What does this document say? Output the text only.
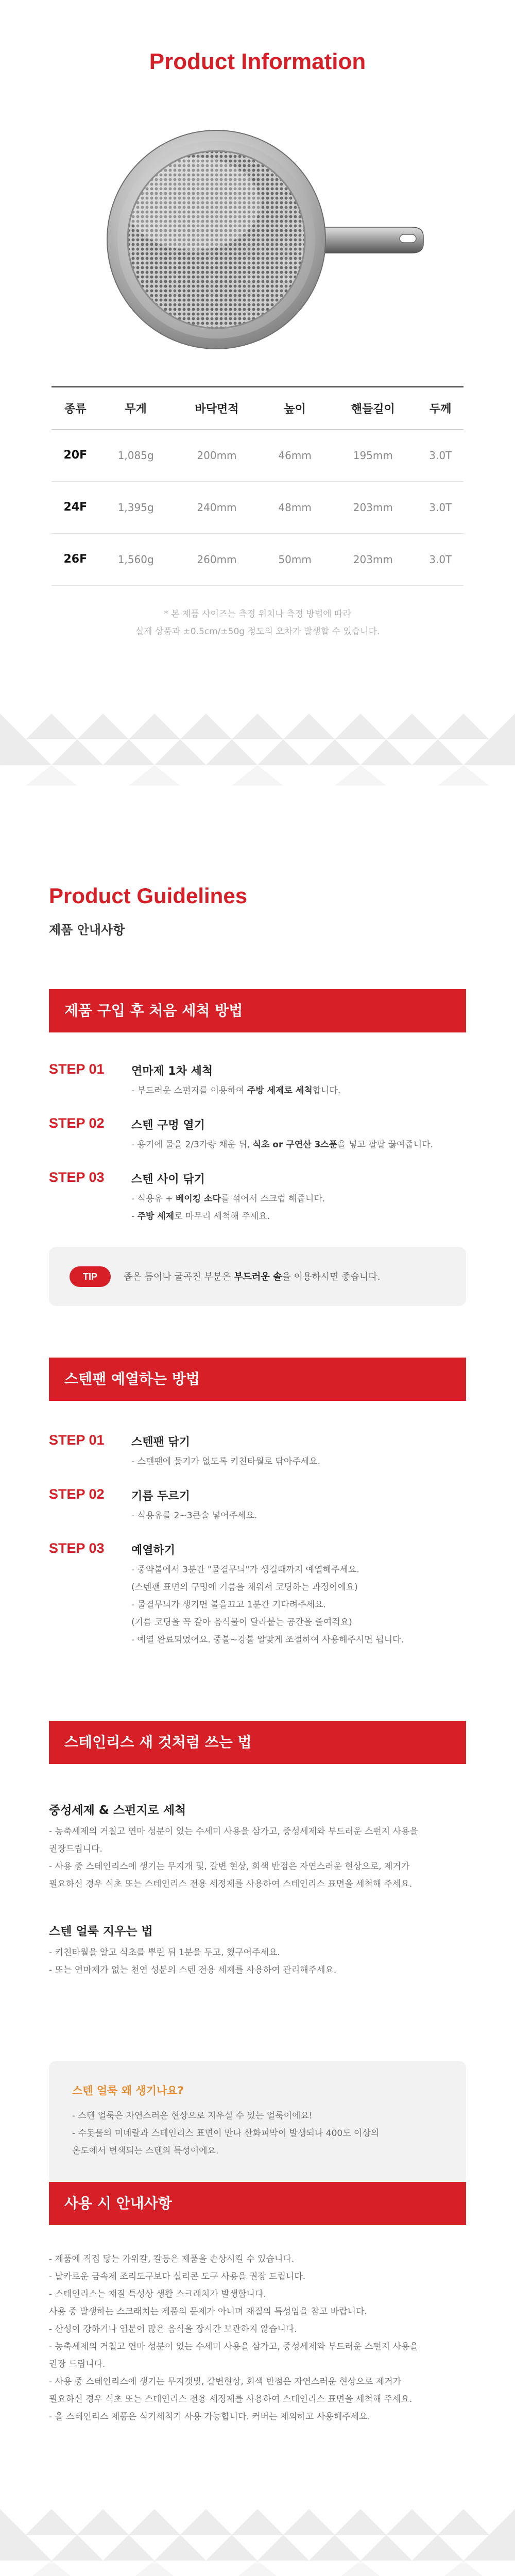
Product Information
종류	무게	바닥면적	높이	핸들길이	두께
20F	1,085g	200mm	46mm	195mm	3.0T
24F	1,395g	240mm	48mm	203mm	3.0T
26F	1,560g	260mm	50mm	203mm	3.0T
* 본 제품 사이즈는 측정 위치나 측정 방법에 따라
실제 상품과 ±0.5cm/±50g 정도의 오차가 발생할 수 있습니다.
Product Guidelines
제품 안내사항
제품 구입 후 처음 세척 방법
STEP 01 연마제 1차 세척
- 부드러운 스펀지를 이용하여 주방 세제로 세척합니다.
STEP 02 스텐 구멍 열기
- 용기에 물을 2/3가량 채운 뒤, 식초 or 구연산 3스푼을 넣고 팔팔 끓여줍니다.
STEP 03 스텐 사이 닦기
- 식용유 + 베이킹 소다를 섞어서 스크럽 해줍니다.
- 주방 세제로 마무리 세척해 주세요.
TIP	좁은 틈이나 굴곡진 부분은 부드러운 솔을 이용하시면 좋습니다.
스텐팬 예열하는 방법
STEP 01 스텐팬 닦기
- 스텐팬에 물기가 없도록 키친타월로 닦아주세요.
STEP 02 기름 두르기
- 식용유를 2~3큰술 넣어주세요.
STEP 03 예열하기
- 중약불에서 3분간 "물결무늬"가 생길때까지 예열해주세요.
(스텐팬 표면의 구멍에 기름을 채워서 코팅하는 과정이에요)
- 물결무늬가 생기면 불을끄고 1분간 기다려주세요.
(기름 코팅을 꼭 갈아 음식물이 달라붙는 공간을 줄여줘요)
- 예열 완료되었어요. 중불~강불 알맞게 조절하여 사용해주시면 됩니다.
스테인리스 새 것처럼 쓰는 법
중성세제 & 스펀지로 세척
- 농축세제의 거칠고 연마 성분이 있는 수세미 사용을 삼가고, 중성세제와 부드러운 스펀지 사용을
권장드립니다.
- 사용 중 스테인리스에 생기는 무지개 및, 갈변 현상, 회색 반점은 자연스러운 현상으로, 제거가
필요하신 경우 식초 또는 스테인리스 전용 세정제를 사용하여 스테인리스 표면을 세척해 주세요.
스텐 얼룩 지우는 법
- 키친타월을 알고 식초를 뿌린 뒤 1분을 두고, 했구어주세요.
- 또는 연마제가 없는 천연 성분의 스텐 전용 세제를 사용하여 관리해주세요.
스텐 얼룩 왜 생기나요?
- 스텐 얼룩은 자연스러운 현상으로 지우실 수 있는 얼룩이에요!
- 수돗물의 미네랄과 스테인리스 표면이 만나 산화피막이 발생되나 400도 이상의
온도에서 변색되는 스텐의 특성이에요.
사용 시 안내사항
- 제품에 직접 닿는 가위칼, 칼등은 제품을 손상시킬 수 있습니다.
- 날카로운 금속제 조리도구보다 실리콘 도구 사용을 권장 드립니다.
- 스테인리스는 재질 특성상 생활 스크래치가 발생합니다.
사용 중 발생하는 스크래치는 제품의 문제가 아니며 재질의 특성임을 참고 바랍니다.
- 산성이 강하거나 염분이 많은 음식을 장시간 보관하지 않습니다.
- 농축세제의 거칠고 연마 성분이 있는 수세미 사용을 삼가고, 중성세제와 부드러운 스펀지 사용을
권장 드립니다.
- 사용 중 스테인리스에 생기는 무지갯빛, 갈변현상, 회색 반점은 자연스러운 현상으로 제거가
필요하신 경우 식초 또는 스테인리스 전용 세정제를 사용하여 스테인리스 표면을 세척해 주세요.
- 올 스테인리스 제품은 식기세척기 사용 가능합니다. 커버는 제외하고 사용해주세요.
